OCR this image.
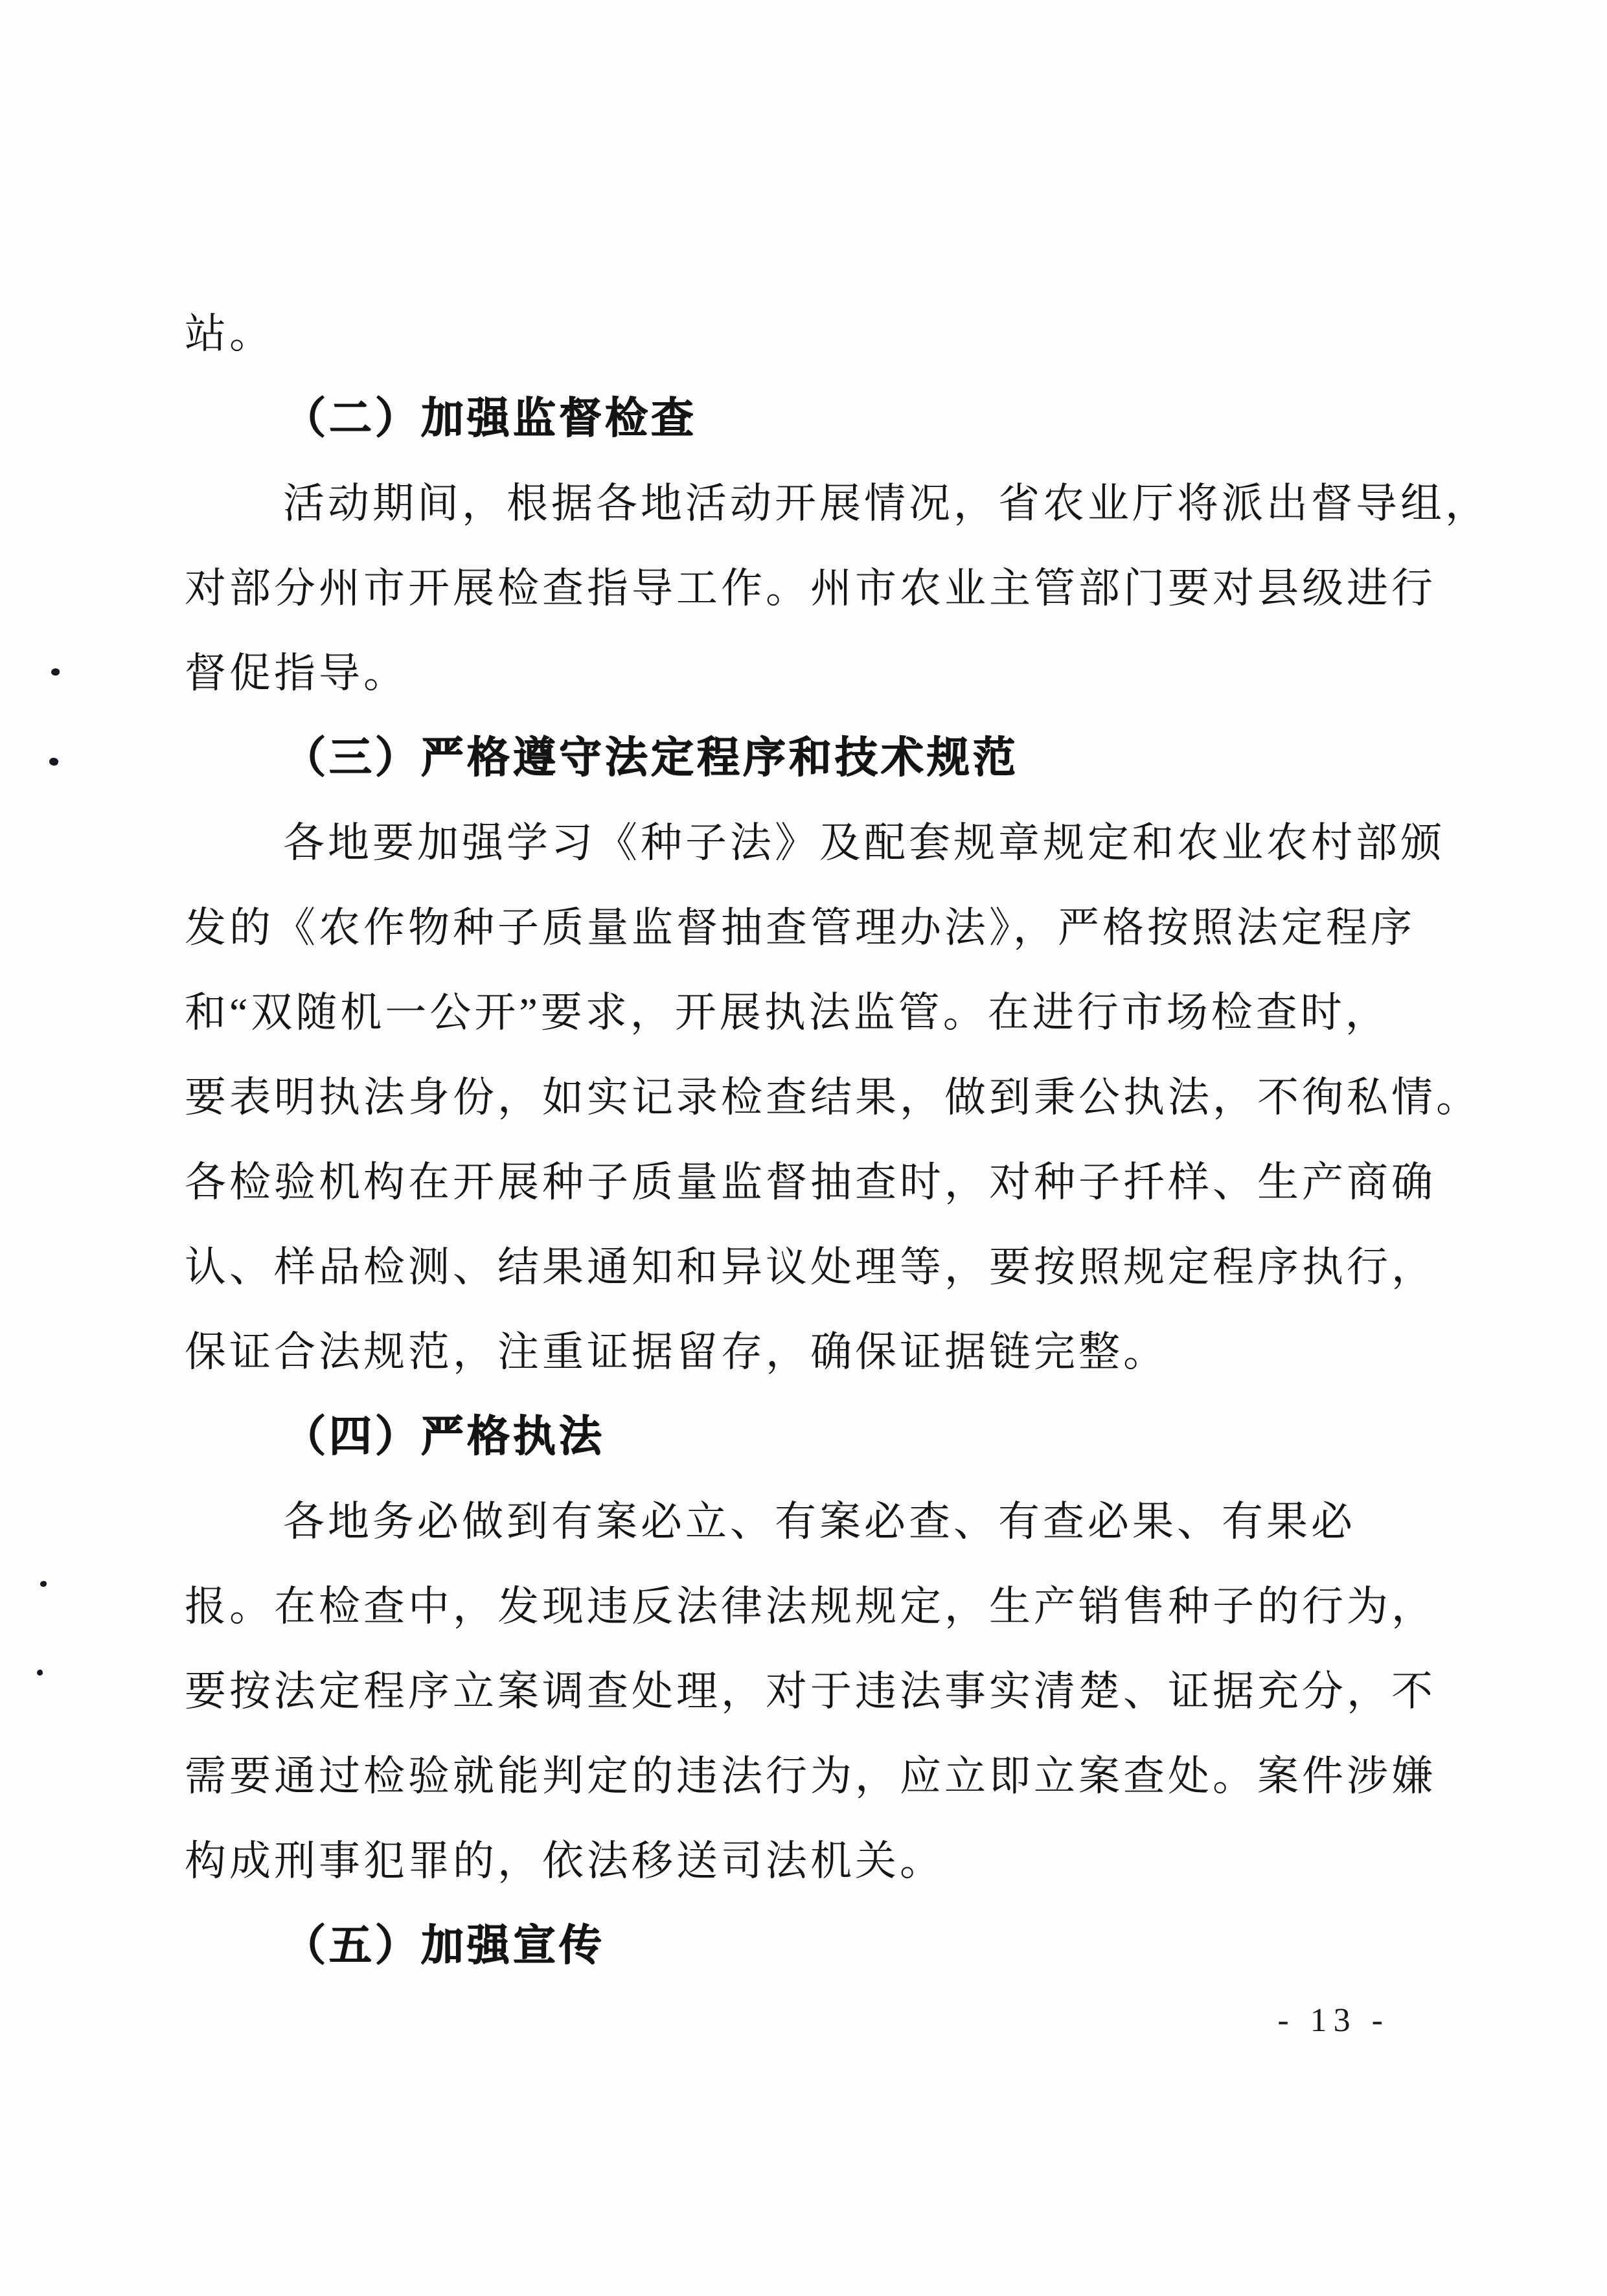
站。
（二）加强监督检查
活动期间，根据各地活动开展情况，省农业厅将派出督导组，
对部分州市开展检查指导工作。州市农业主管部门要对县级进行
督促指导。
（三）严格遵守法定程序和技术规范
各地要加强学习《种子法》及配套规章规定和农业农村部颁
发的《农作物种子质量监督抽查管理办法》，严格按照法定程序
和“双随机一公开”要求，开展执法监管。在进行市场检查时，
要表明执法身份，如实记录检查结果，做到秉公执法，不徇私情。
各检验机构在开展种子质量监督抽查时，对种子扦样、生产商确
认、样品检测、结果通知和异议处理等，要按照规定程序执行，
保证合法规范，注重证据留存，确保证据链完整。
（四）严格执法
各地务必做到有案必立、有案必查、有查必果、有果必
报。在检查中，发现违反法律法规规定，生产销售种子的行为，
要按法定程序立案调查处理，对于违法事实清楚、证据充分，不
需要通过检验就能判定的违法行为，应立即立案查处。案件涉嫌
构成刑事犯罪的，依法移送司法机关。
（五）加强宣传
- 13 -
